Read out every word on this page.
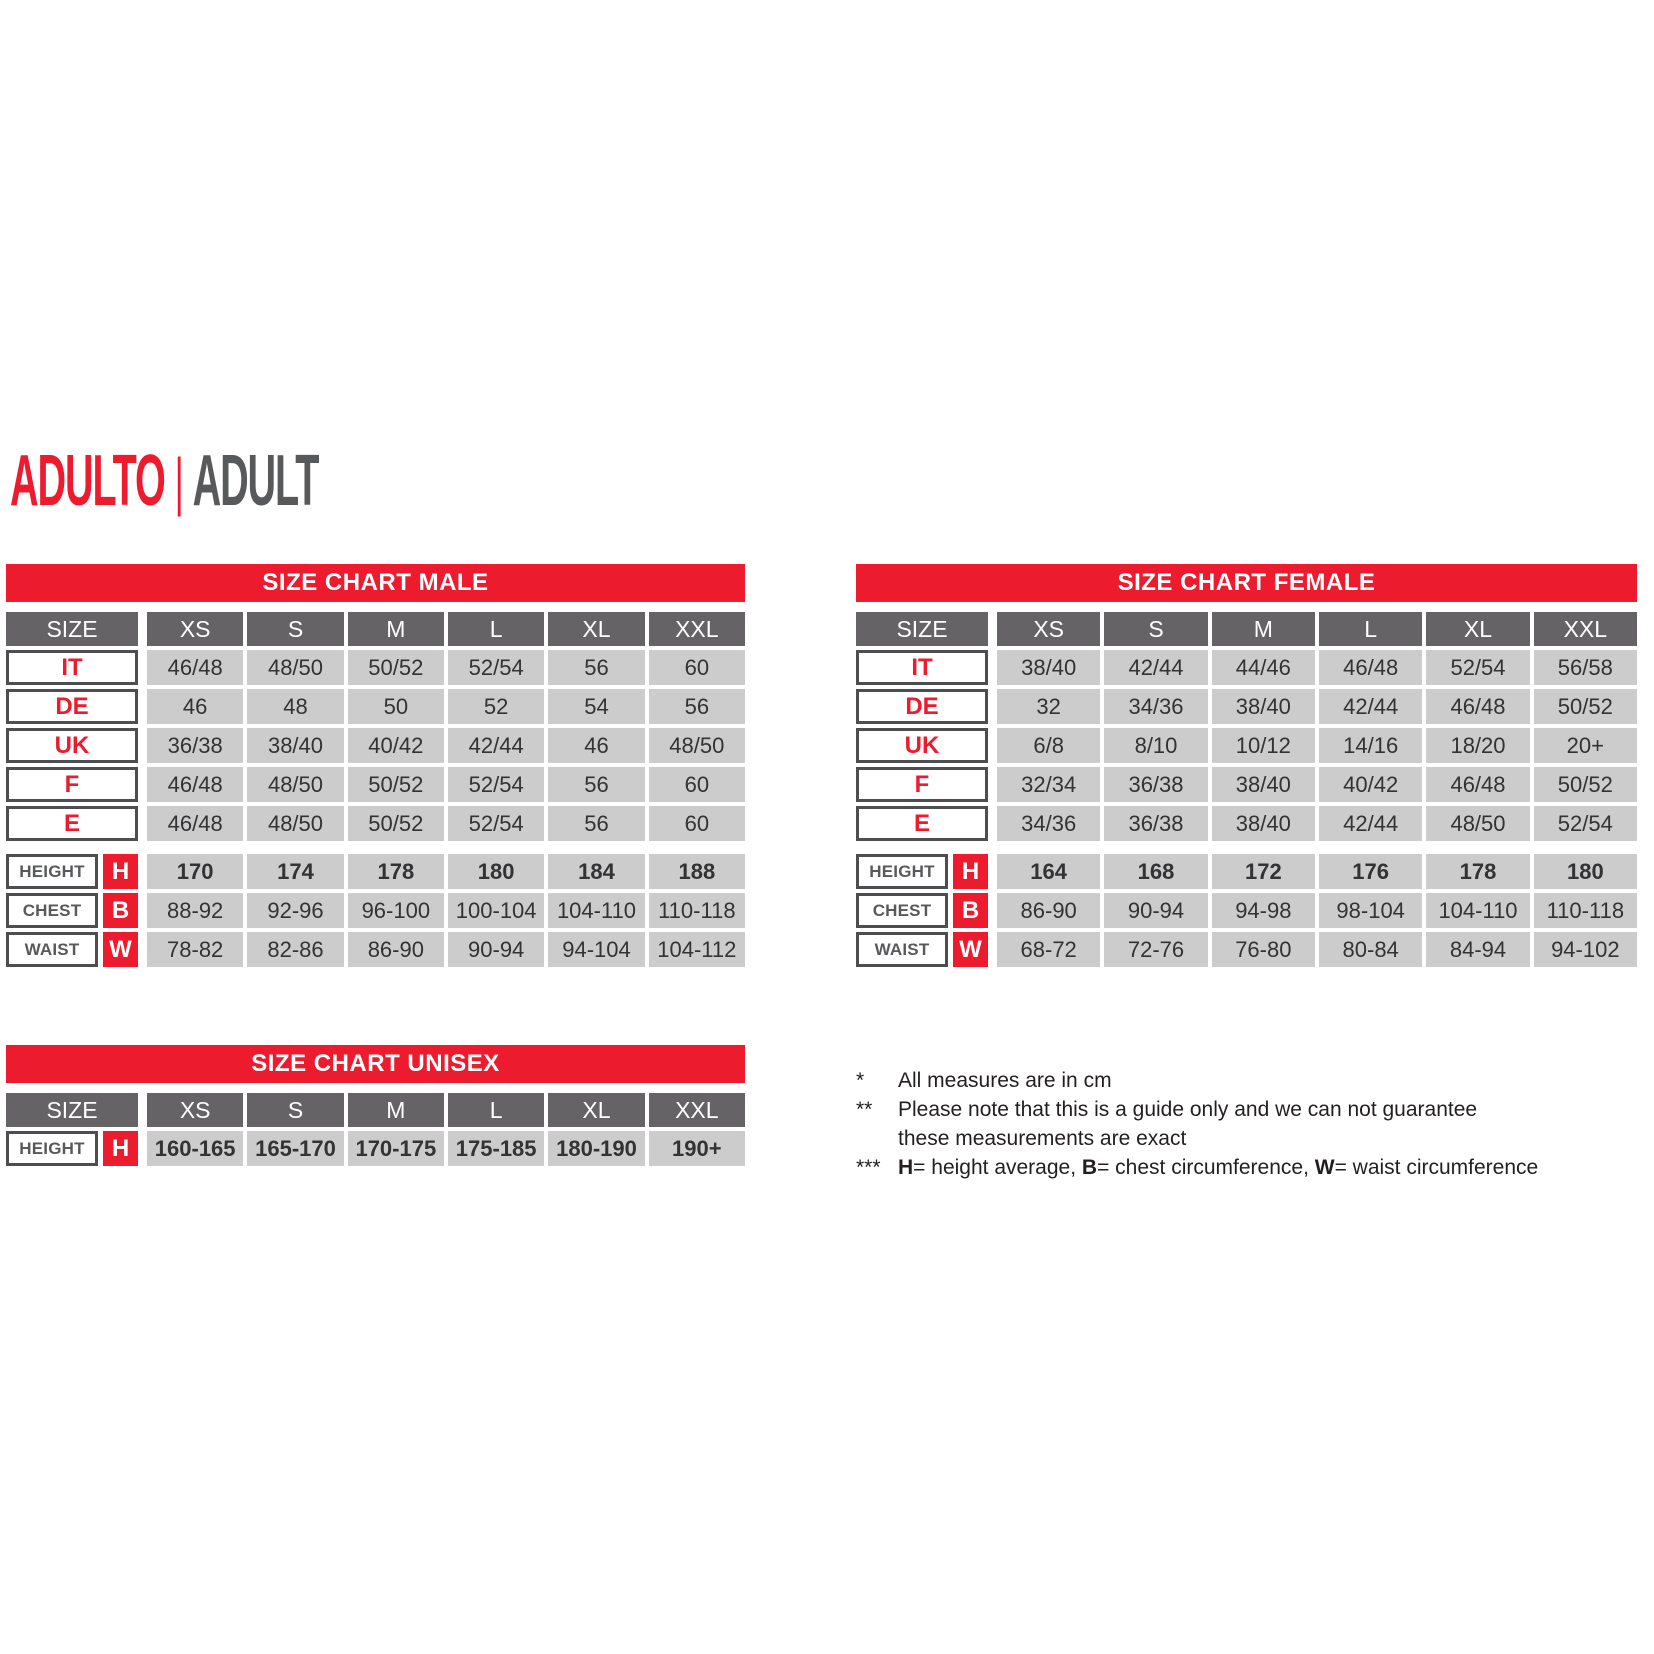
ADULTO | ADULT
SIZE CHART MALE
SIZE	XS	S	M	L	XL	XXL
IT	46/48	48/50	50/52	52/54	56	60
DE	46	48	50	52	54	56
UK	36/38	38/40	40/42	42/44	46	48/50
F	46/48	48/50	50/52	52/54	56	60
E	46/48	48/50	50/52	52/54	56	60
HEIGHT	H	170	174	178	180	184	188
CHEST	B	88-92	92-96	96-100	100-104 104-110	110-118
WAIST	W	78-82	82-86	86-90	90-94	94-104	104-112
SIZE CHART FEMALE
SIZE	XS	S	M	L	XL	XXL
IT	38/40	42/44	44/46	46/48	52/54	56/58
DE	32	34/36	38/40	42/44	46/48	50/52
UK	6/8	8/10	10/12	14/16	18/20	20+
F	32/34	36/38	38/40	40/42	46/48	50/52
E	34/36	36/38	38/40	42/44	48/50	52/54
HEIGHT	H	164	168	172	176	178	180
CHEST	B	86-90	90-94	94-98	98-104	104-110	110-118
WAIST	W	68-72	72-76	76-80	80-84	84-94	94-102
SIZE CHART UNISEX
SIZE	XS	S	M	L	XL	XXL
HEIGHT	H	160-165 165-170 170-175 175-185 180-190	190+
*	All measures are in cm
**	Please note that this is a guide only and we can not guarantee
these measurements are exact
*** H= height average, B= chest circumference, W= waist circumference
